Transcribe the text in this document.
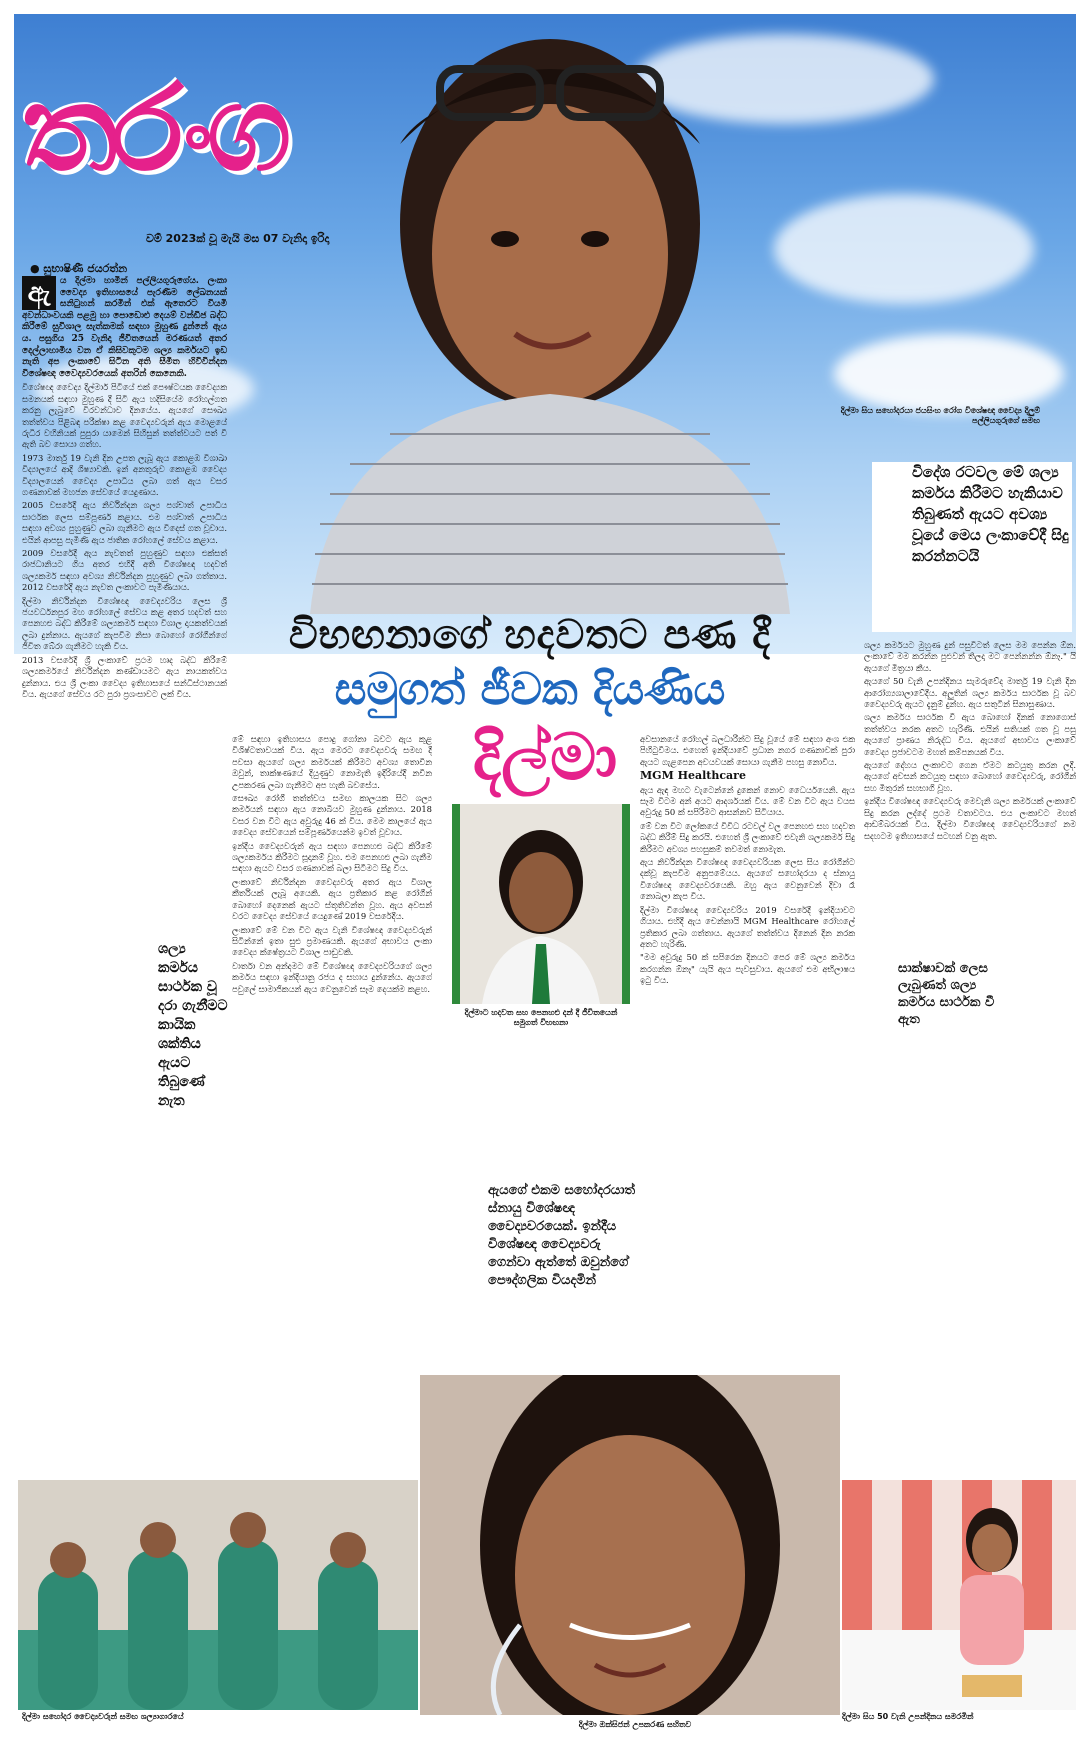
තරංග
වම් 2023ක් වූ මැයි මස 07 වැනිදා ඉරිදා
● සුභාෂිණී ජයරත්න
දිල්මා සිය සහෝදරයා ජයසිංහ රෝග විශේෂඥ වෛද්‍ය දිලුම් පල්ලියගුරුගේ සමඟ

ඇ	ය දිල්මා හාමින් පල්ලියගුරුගේය. ලංකා වෛද්‍ය ඉතිහාසයේ පැරණිම ලේඛනයක් සනිටුහන් කරමින් එක් ඇතෙරට වියමි අවන්ධාංවයකි පළමු හා පොඩොළු දෙයම් වන්ඩිජ බද්ධ කිරීමේ සුවිශාල සැත්කමක් සඳහා මුහුණ දුන්නේ ඇය ය. පසුගිය 25 වැනිදා ජීවිතයෙන් මරණයත් අතර දෙල්ලාහාමිය වන ඒ කිසිවකුටම ශල්‍ය කර්මයට ඉඩ නැති අප ලංකාවේ සිටින අති සීමිත හිවිවින්දන විශේෂඥ වෛද්‍යවරයෙක් අතරින් කෙනෙකි.

විශේෂඥ වෛද්‍ය දිල්මාර් පිටියේ එක් පෞෂ්ටයක වෛද්‍යක සමනයක් සඳහා මුහුණ දී සිටි ඇය හදිසියේම රෝහල්ගත කරනු ලැබුවේ විරවන්ධාව දිනයේය. ඇයගේ සෞඛ්‍ය තත්ත්වය පිළිබඳ පරීක්ෂා කළ වෛද්‍යවරුන් ඇය මොළයේ රුධිර වහිනියක් පුපුරා යාමෙන් සිහිසුන් තත්ත්වයට පත් වී ඇති බව සොයා ගත්හ.

1973 මාර්තු 19 වැනි දින උපත ලැබූ ඇය කොළඹ විශාඛා විද්‍යාලයේ ආදි ශිෂ්‍යාවකි. ඉන් අනතුරුව කොළඹ වෛද්‍ය විද්‍යාලයෙන් වෛද්‍ය උපාධිය ලබා ගත් ඇය වසර ගණනාවක් මහජන සේවයේ යෙදුණාය.

2005 වසරේදී ඇය නිර්වින්දන ශල්‍ය පශ්චාත් උපාධිය සාර්ථක ලෙස සම්පූර්ණ කළාය. එම පශ්චාත් උපාධිය සඳහා අවශ්‍ය පුහුණුව ලබා ගැනීමට ඇය විදෙස් ගත වූවාය. එයින් ආපසු පැමිණි ඇය ජාතික රෝහලේ සේවය කළාය.

2009 වසරේදී ඇය නැවතත් පුහුණුව සඳහා එක්සත් රාජධානියට ගිය අතර එහිදී අති විශේෂඥ හදවත් ශල්‍යකර්ම සඳහා අවශ්‍ය නිර්වින්දන පුහුණුව ලබා ගත්තාය. 2012 වසරේදී ඇය නැවත ලංකාවට පැමිණියාය.

දිල්මා නිර්වින්දන විශේෂඥ වෛද්‍යවරිය ලෙස ශ්‍රී ජයවර්ධනපුර මහ රෝහලේ සේවය කළ අතර හදවත් සහ පෙනහළු බද්ධ කිරීමේ ශල්‍යකර්ම සඳහා විශාල දායකත්වයක් ලබා දුන්නාය. ඇයගේ කැපවීම නිසා බොහෝ රෝගීන්ගේ ජීවිත බේරා ගැනීමට හැකි විය.

2013 වසරේදී ශ්‍රී ලංකාවේ ප්‍රථම හෘද බද්ධ කිරීමේ ශල්‍යකර්මයේ නිර්වින්දන කණ්ඩායමට ඇය නායකත්වය දුන්නාය. එය ශ්‍රී ලංකා වෛද්‍ය ඉතිහාසයේ සන්ධිස්ථානයක් විය. ඇයගේ සේවය රට පුරා ප්‍රශංසාවට ලක් විය.

ශල්‍ය කර්මය සාර්ථක වූ දරා ගැනීමට කායික ශක්තිය ඇයට තිබුණේ නැත
විභඟනාගේ හදවතට පණ දී
සමුගත් ජීවක දියණිය
දිල්මා

මේ සඳහා ඉතිහාසය පොදු ගෝනා බවට ඇය කුළ විශිෂ්ටතාවයක් විය. ඇය මෙරට වෛද්‍යවරු සමඟ දී පවසා ඇයගේ ශල්‍ය කර්මයක් කිරීමට අවශ්‍ය තොවින ඔවුන්, තාක්ෂණයේ දියුණුව නොමැති ඉදිරියේදී නවීන උපකරණ ලබා ගැනීමට අප හැකි බවසේය.

සෞඛ්‍ය රෝගී තත්ත්වය සමඟ කාලයක සිට ශල්‍ය කර්මයන් සඳහා ඇය නොබියව මුහුණ දුන්නාය. 2018 වසර වන විට ඇය අවුරුදු 46 ක් විය. මෙම කාලයේ ඇය වෛද්‍ය සේවයෙන් සම්පූර්ණයෙන්ම ඉවත් වූවාය.

ඉන්දීය වෛද්‍යවරුන් ඇය සඳහා පෙනහළු බද්ධ කිරීමේ ශල්‍යකර්මය කිරීමට සූදානම් වූහ. එම පෙනහළු ලබා ගැනීම සඳහා ඇයට වසර ගණනාවක් බලා සිටීමට සිදු විය.

ලංකාවේ නිර්වින්දන වෛද්‍යවරු අතර ඇය විශාල කීර්තියක් ලැබූ අයෙකි. ඇය ප්‍රතිකාර කළ රෝගීන් බොහෝ දෙනෙක් ඇයට ස්තූතිවන්ත වූහ. ඇය අවසන් වරට වෛද්‍ය සේවයේ යෙදුණේ 2019 වසරේදීය.

ලංකාවේ මේ වන විට ඇය වැනි විශේෂඥ වෛද්‍යවරුන් සිටින්නේ ඉතා සුළු ප්‍රමාණයකි. ඇයගේ අභාවය ලංකා වෛද්‍ය ක්ෂේත්‍රයට විශාල පාඩුවකි.

වාර්තා වන අන්දමට මේ විශේෂඥ වෛද්‍යවරියගේ ශල්‍ය කර්මය සඳහා ඉන්දියානු රජය ද සහාය දුන්නේය. ඇයගේ පවුලේ සාමාජිකයන් ඇය වෙනුවෙන් සෑම දෙයක්ම කළහ.

දිල්මාට හදවත සහ පෙනහළු දන් දී ජීවිතයෙන් සමුගත් විභඟනා

අවසානයේ රෝහල් බලධාරීන්ට සිදු වූයේ මේ සඳහා අංශ එක පිහිටුවීමය. එහෙත් ඉන්දියාවේ ප්‍රධාන නගර ගණනාවක් පුරා ඇයට ගැළපෙන අවයවයක් සොයා ගැනීම පහසු නොවීය.

MGM Healthcare

ඇය ඇඳ මහට වැටෙන්නේ දුකෙන් නොව ධෛර්යයෙනි. ඇය සෑම විටම අන් අයට ආදර්ශයක් විය. මේ වන විට ඇය වයස අවුරුදු 50 ක් සපිරීමට ආසන්නව සිටියාය.

මේ වන විට ලෝකයේ විවිධ රටවල් වල පෙනහළු සහ හදවත බද්ධ කිරීම් සිදු කරයි. එහෙත් ශ්‍රී ලංකාවේ එවැනි ශල්‍යකර්ම සිදු කිරීමට අවශ්‍ය පහසුකම් තවමත් නොමැත.

ඇය නිර්වින්දන විශේෂඥ වෛද්‍යවරියක ලෙස සිය රෝගීන්ට දක්වූ කැපවීම අනුපමේයය. ඇයගේ සහෝදරයා ද ස්නායු විශේෂඥ වෛද්‍යවරයෙකි. ඔහු ඇය වෙනුවෙන් දිවා රෑ නොබලා කැප විය.

දිල්මා විශේෂඥ වෛද්‍යවරිය 2019 වසරේදී ඉන්දියාවට ගියාය. එහිදී ඇය චෙන්නායි MGM Healthcare රෝහලේ ප්‍රතිකාර ලබා ගත්තාය. ඇයගේ තත්ත්වය දිනෙන් දින නරක අතට හැරිණි.

"මම අවුරුදු 50 ක් සපිරෙන දිනයට පෙර මේ ශල්‍ය කර්මය කරගන්න ඕනෑ" යැයි ඇය පැවසුවාය. ඇයගේ එම අභිලාෂය ඉටු විය.

ඇයගේ එකම සහෝදරයාත් ස්නායු විශේෂඥ වෛද්‍යවරයෙක්. ඉන්දීය විශේෂඥ වෛද්‍යවරු ගෙන්වා ඇත්තේ ඔවුන්ගේ පෞද්ගලික වියදමින්
විදේශ රටවල මේ ශල්‍ය කර්මය කිරීමට හැකියාව තිබුණත් ඇයට අවශ්‍ය වූයේ මෙය ලංකාවේදී සිදු කරන්නටයි

ශල්‍ය කර්මයට මුහුණ දුන් පසුවිටත් ලෙස මම පෙන්න ඕන. ලංකාවේ මම කරන්න පුළුවන් තිලදා මට පෙන්නන්න ඕනෑ." යි ඇයගේ මිත්‍රයා කීය.

ඇයගේ 50 වැනි උපන්දිනය සැමරුවේද මාර්තු 19 වැනි දින ආරෝග්‍යශාලාවේදීය. අලුතින් ශල්‍ය කර්මය සාර්ථක වූ බව වෛද්‍යවරු ඇයට දැනුම් දුන්හ. ඇය සතුටින් සිනාසුණාය.

ශල්‍ය කර්මය සාර්ථක වී ඇය බොහෝ දිනක් නොගොස් තත්ත්වය නරක අතට හැරිණි. එයින් සතියක් ගත වූ පසු ඇයගේ ප්‍රාණය නිරුද්ධ විය. ඇයගේ අභාවය ලංකාවේ වෛද්‍ය ප්‍රජාවටම මහත් කම්පනයක් විය.

ඇයගේ දේහය ලංකාවට ගෙන ඒමට කටයුතු කරන ලදී. ඇයගේ අවසන් කටයුතු සඳහා බොහෝ වෛද්‍යවරු, රෝගීන් සහ මිතුරන් සහභාගි වූහ.

ඉන්දීය විශේෂඥ වෛද්‍යවරු මෙවැනි ශල්‍ය කර්මයක් ලංකාවේ සිදු කරන ලද්දේ ප්‍රථම වතාවටය. එය ලංකාවට මහත් ආඩම්බරයක් විය. දිල්මා විශේෂඥ වෛද්‍යවරියගේ නම සදහටම ඉතිහාසයේ සටහන් වනු ඇත.

සාක්ෂාවක් ලෙස ලැබුණත් ශල්‍ය කර්මය සාර්ථක වී ඇත
දිල්මා සහෝදර වෛද්‍යවරුන් සමඟ ශල්‍යාගාරයේ
දිල්මා ඔක්සිජන් උපකරණ සහිතව
දිල්මා සිය 50 වැනි උපන්දිනය සමරමින්
